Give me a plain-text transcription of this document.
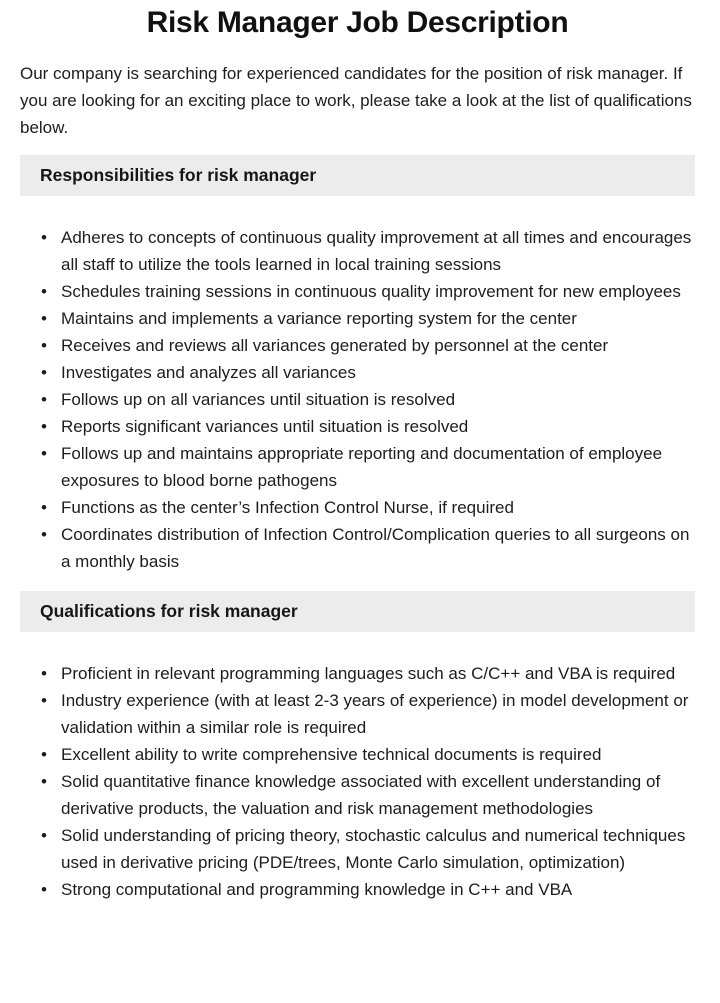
Risk Manager Job Description

Our company is searching for experienced candidates for the position of risk manager. If you are looking for an exciting place to work, please take a look at the list of qualifications below.

Responsibilities for risk manager
•
Adheres to concepts of continuous quality improvement at all times and encourages all staff to utilize the tools learned in local training sessions
•
Schedules training sessions in continuous quality improvement for new employees
•
Maintains and implements a variance reporting system for the center
•
Receives and reviews all variances generated by personnel at the center
•
Investigates and analyzes all variances
•
Follows up on all variances until situation is resolved
•
Reports significant variances until situation is resolved
•
Follows up and maintains appropriate reporting and documentation of employee exposures to blood borne pathogens
•
Functions as the center’s Infection Control Nurse, if required
•
Coordinates distribution of Infection Control/Complication queries to all surgeons on a monthly basis
Qualifications for risk manager
•
Proficient in relevant programming languages such as C/C++ and VBA is required
•
Industry experience (with at least 2-3 years of experience) in model development or validation within a similar role is required
•
Excellent ability to write comprehensive technical documents is required
•
Solid quantitative finance knowledge associated with excellent understanding of derivative products, the valuation and risk management methodologies
•
Solid understanding of pricing theory, stochastic calculus and numerical techniques used in derivative pricing (PDE/trees, Monte Carlo simulation, optimization)
•
Strong computational and programming knowledge in C++ and VBA
